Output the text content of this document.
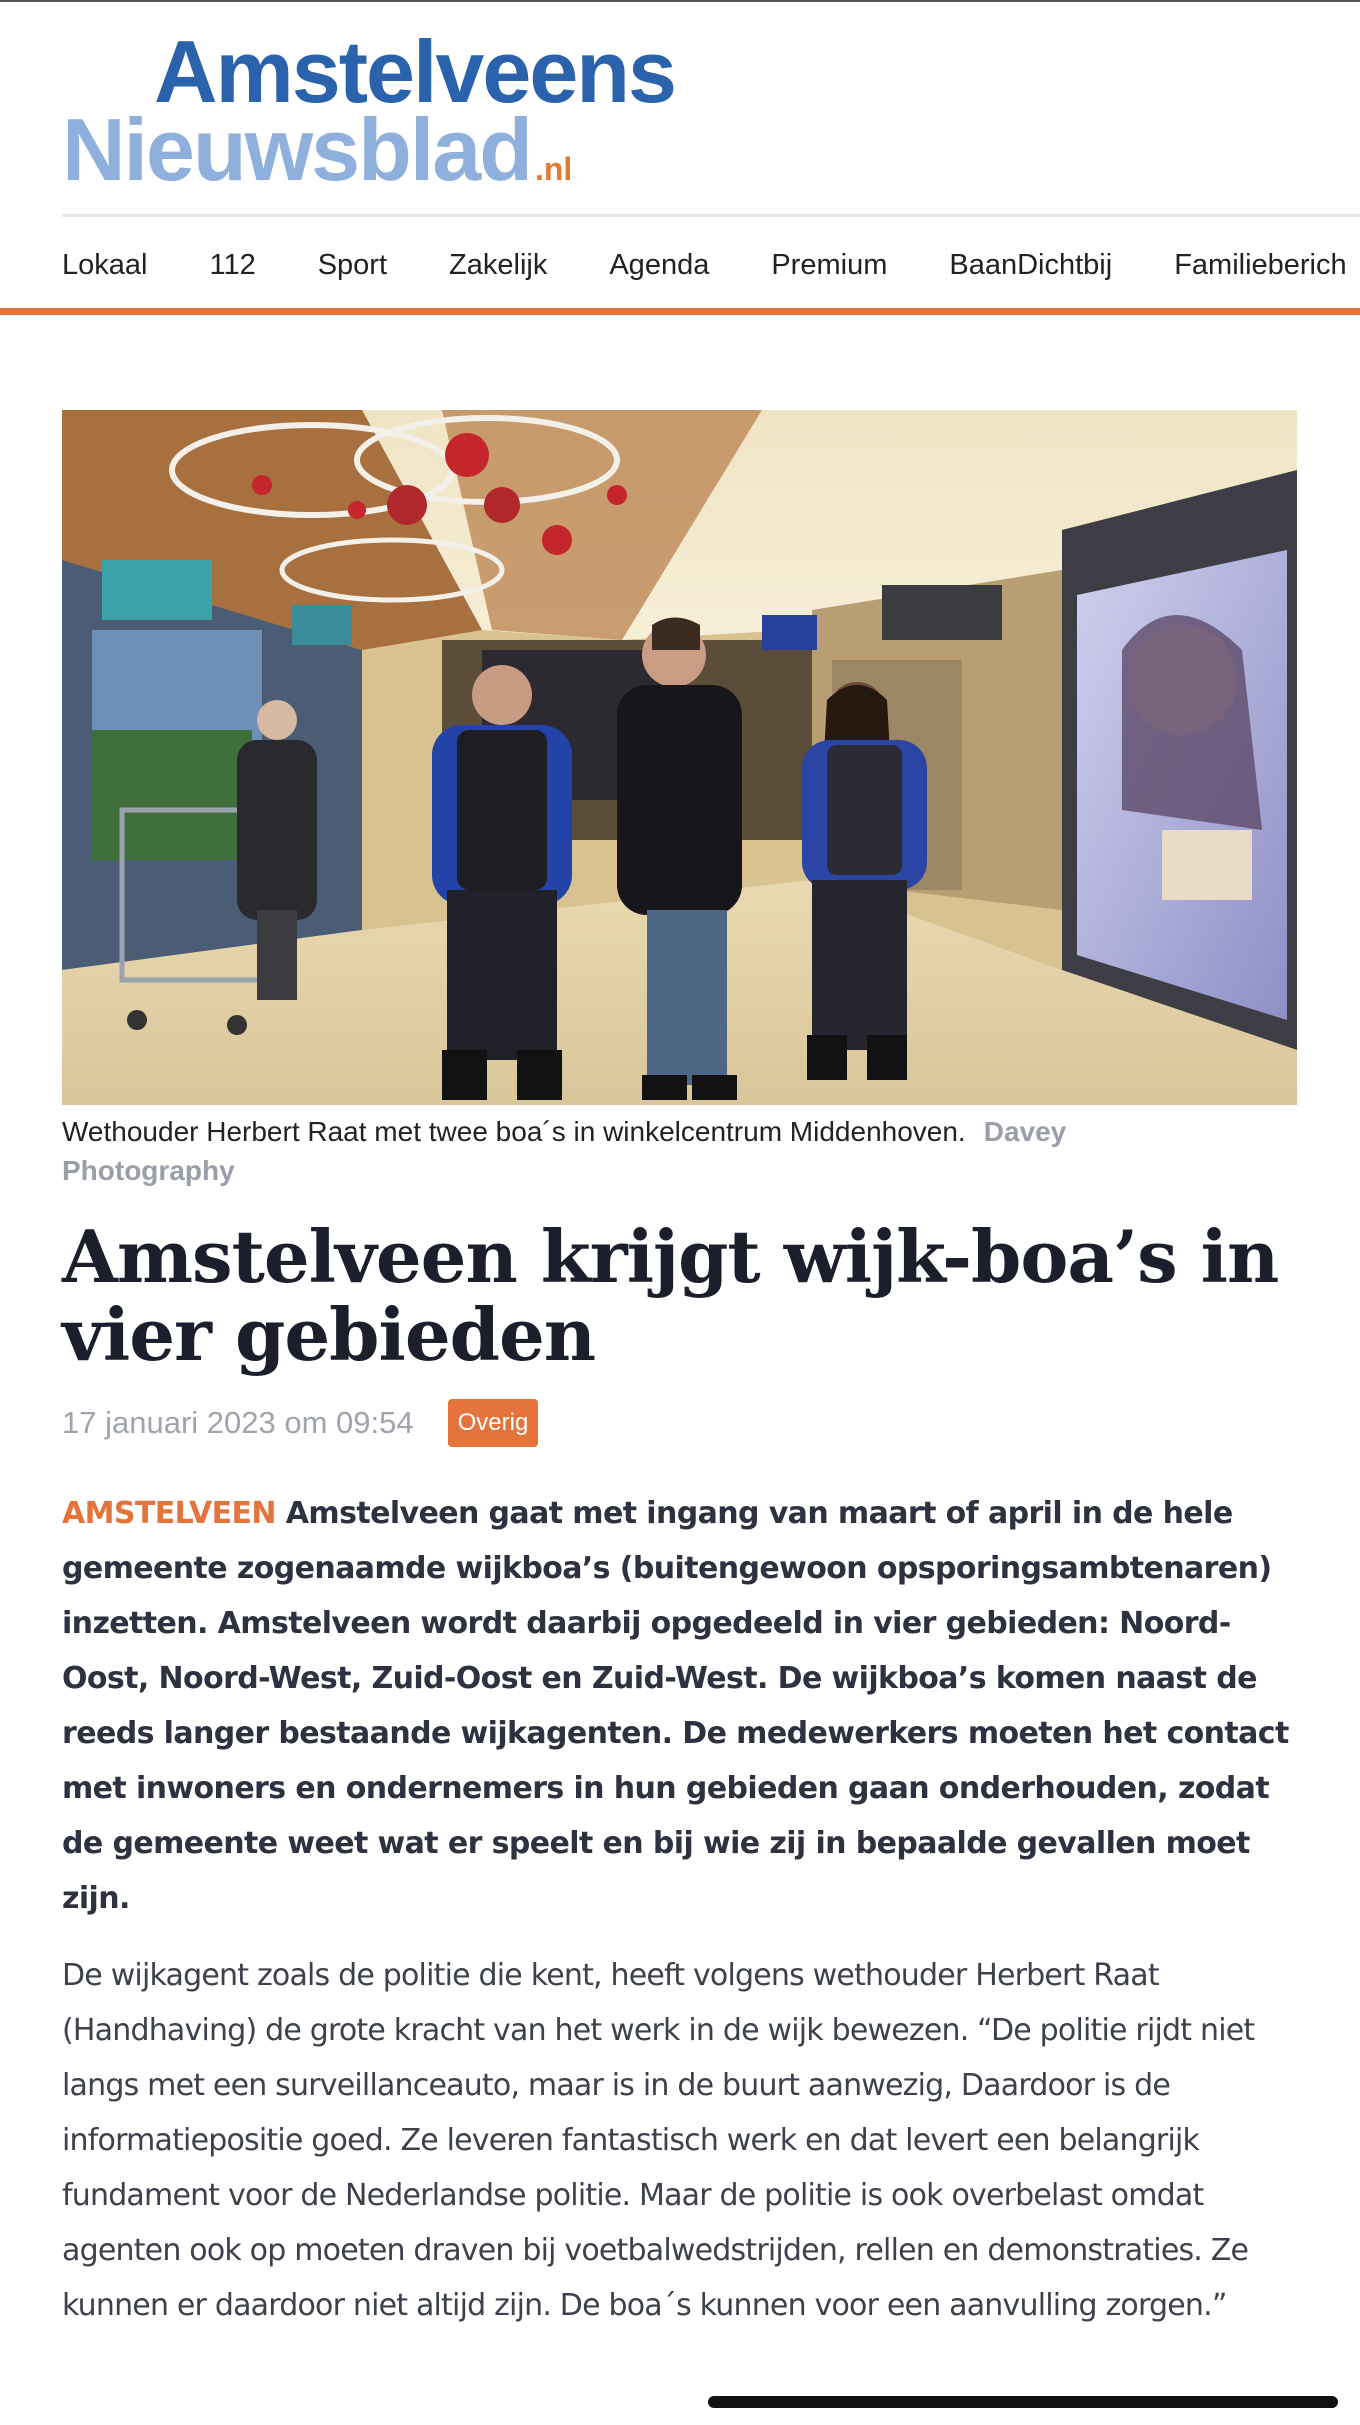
Amstelveens
Nieuwsblad .nl
Lokaal 112 Sport Zakelijk Agenda Premium BaanDichtbij Familieberich
Wethouder Herbert Raat met twee boa´s in winkelcentrum Middenhoven. Davey Photography
Amstelveen krijgt wijk-boa’s in vier gebieden
17 januari 2023 om 09:54	Overig

AMSTELVEEN Amstelveen gaat met ingang van maart of april in de hele gemeente zogenaamde wijkboa’s (buitengewoon opsporingsambtenaren) inzetten. Amstelveen wordt daarbij opgedeeld in vier gebieden: Noord-Oost, Noord-West, Zuid-Oost en Zuid-West. De wijkboa’s komen naast de reeds langer bestaande wijkagenten. De medewerkers moeten het contact met inwoners en ondernemers in hun gebieden gaan onderhouden, zodat de gemeente weet wat er speelt en bij wie zij in bepaalde gevallen moet zijn.

De wijkagent zoals de politie die kent, heeft volgens wethouder Herbert Raat (Handhaving) de grote kracht van het werk in de wijk bewezen. “De politie rijdt niet langs met een surveillanceauto, maar is in de buurt aanwezig, Daardoor is de informatiepositie goed. Ze leveren fantastisch werk en dat levert een belangrijk fundament voor de Nederlandse politie. Maar de politie is ook overbelast omdat agenten ook op moeten draven bij voetbalwedstrijden, rellen en demonstraties. Ze kunnen er daardoor niet altijd zijn. De boa´s kunnen voor een aanvulling zorgen.”
